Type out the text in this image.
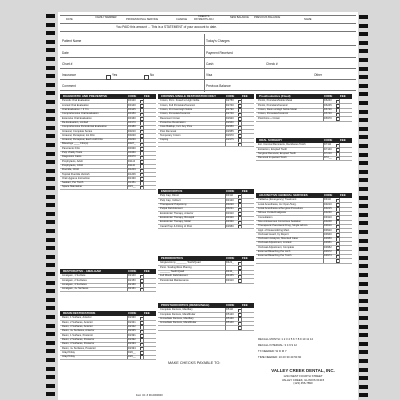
DATE
FAMILY MEMBER
PROFESSIONAL SERVICE	CHARGE
CREDITS
PAYMENTS ADJ.
NEW BALANCE PREVIOUS BALANCE
NAME
You PAID this amount ... This is a STATEMENT of your account to date.
Patient Name	Today's Charges
Date	Payment Received
Chart #	Cash	Check #
Insurance	Yes	No	Visa	Other
Comment	Previous Balance
DIAGNOSTIC AND PREVENTIVE	CODE	FEE
Periodic Oral Evaluation	D0120
Limited Oral Evaluation	D0140
Oral Evaluation < 3 Yrs	D0145
Comprehensive Oral Evaluation	D0150
Extensive Oral Evaluation	D0160
Re-Evaluation, Limited	D0170
Comprehensive Periodontal Evaluation	D0180
Intraoral, Complete Series	D0210
Intraoral, Periapical, 1st Film	D0220
Intraoral, Periapical, Each Addl Film	D0230
Bitewings ____ Film(s)	D027_
Panoramic Film	D0330
Pulp Vitality Tests	D0460
Diagnostic Casts	D0470
Prophylaxis, Adult	D1110
Prophylaxis, Child	D1120
Fluoride, Child	D1203
Topical Fluoride Varnish	D1206
Oral Hygiene Instruction	D1330
Sealant, Per Tooth	D1351
Space Maintainer	D15__
RESTORATIVE - AMALGAM	CODE	FEE
Amalgam, 1 Surface	D2140
Amalgam, 2 Surfaces	D2150
Amalgam, 3 Surfaces	D2160
Amalgam, 4+ Surfaces	D2161
RESIN RESTORATIONS	CODE	FEE
Resin, 1 Surface, Anterior	D2330
Resin, 2 Surfaces, Anterior	D2331
Resin, 3 Surfaces, Anterior	D2332
Resin, 4+ Surfaces, Anterior	D2335
Resin, 1 Surface, Posterior	D2391
Resin, 2 Surfaces, Posterior	D2392
Resin, 3 Surfaces, Posterior	D2393
Resin, 4+ Surfaces, Posterior	D2394
Inlay/Onlay	D26__
Inlay/Onlay	D26__
CROWNS-SINGLE RESTORATION ONLY	CODE	FEE
Crown, Porc. Fused to High Noble	D2750
Crown, Full Porcelain/Ceramic	D2740
Crown, 3/4 Cast High Noble	D2790
Crown, Porcelain/Ceramic	D2740
Recement Crown	D2920
Protective Restoration	D2940
Core Buildup, Incl. Any Pins	D2950
Post Removal	D2955
Temporary Crown	D2970
Coping	D2975
ENDODONTICS	CODE	FEE
Pulp Cap, Direct	D3110
Pulp Cap, Indirect	D3120
Therapeutic Pulpotomy	D3220
Pulpal Debridement	D3221
Endodontic Therapy, Anterior	D3310
Endodontic Therapy, Bicuspid	D3320
Endodontic Therapy, Molar	D3330
Canal Prep & Fitting of Post	D3950
PERIODONTICS	CODE	FEE
Gingivectomy _______ Teeth/Quad	D421_
Perio. Scaling/Root Planing
_______ Teeth/Quad	D434_
Full Mouth Debridement	D4355
Periodontal Maintenance	D4910
PROSTHODONTICS (REMOVABLE)	CODE	FEE
Complete Denture, Maxillary	D5110
Complete Denture, Mandibular	D5120
Immediate Denture, Maxillary	D5130
Immediate Denture, Mandibular	D5140
Prosthodontics (Fixed)	CODE	FEE
Pontic, Porcelain/Noble Metal	D6240
Pontic, Porcelain/Ceramic	D6245
Crown, Resin w/High Noble Metal	D6720
Crown, Porcelain/Ceramic	D6740
Post/Core + Crown	D6970
ORAL SURGERY	CODE	FEE
Ext. Coronal Remnants, Deciduous Tooth	D7111
Extraction, Erupted Tooth	D7140
Surgical Removal, Erupted Tooth	D7210
Removal Impacted Tooth	D72__
ADJUNCTIVE GENERAL SERVICES	CODE	FEE
Palliative (Emergency) Treatment	D9110
Local Anesthesia, Inc Oper./Surg.	D9210
Local Anesthesia w/Surgical Procedure	D9215
Nitrous Oxide/Analgesia	D9230
Consultation	D9310
Non-Intravenous Conscious Sedation	D9248
Therapeutic Parenteral Drug, Single Admin.	D9610
Appl. of Desensitizing Med.	D9910
Occlusal Guard, by Report	D9940
Occlusion Analysis, Mounted Case	D9950
Occlusal Adjustment, Limited	D9951
Occlusal Adjustment, Complete	D9952
External Bleaching Per Arch	D9972
External Bleaching Per Tooth	D9973
MAKE CHECKS PAYABLE TO:
VALLEY CREEK DENTAL, INC.
1234 WEST FOURTH STREET
VALLEY CREEK, ILLINOIS 61315
(123) 456-7890
Fed. I.D. # 90-0000000
RECALL MONTH: 1 2 3 4 5 6 7 8 9 10 11 12
RECALL INTERVAL: 3 4 6 9 12
TX NEEDED: W D M Y
TIME NEEDED: 10 20 30 40 50 60
